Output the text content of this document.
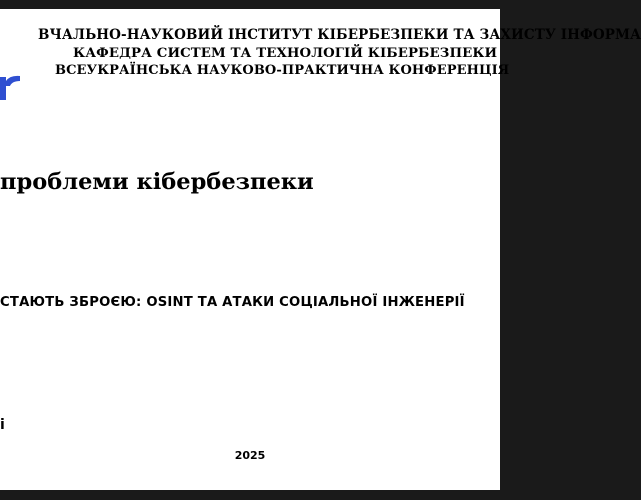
ВЧАЛЬНО-НАУКОВИЙ ІНСТИТУТ КІБЕРБЕЗПЕКИ ТА ЗАХИСТУ ІНФОРМА
КАФЕДРА СИСТЕМ ТА ТЕХНОЛОГІЙ КІБЕРБЕЗПЕКИ
ВСЕУКРАЇНСЬКА НАУКОВО-ПРАКТИЧНА КОНФЕРЕНЦІЯ
проблеми кібербезпеки
СТАЮТЬ ЗБРОЄЮ: OSINT ТА АТАКИ СОЦІАЛЬНОЇ ІНЖЕНЕРІЇ
і
2025
